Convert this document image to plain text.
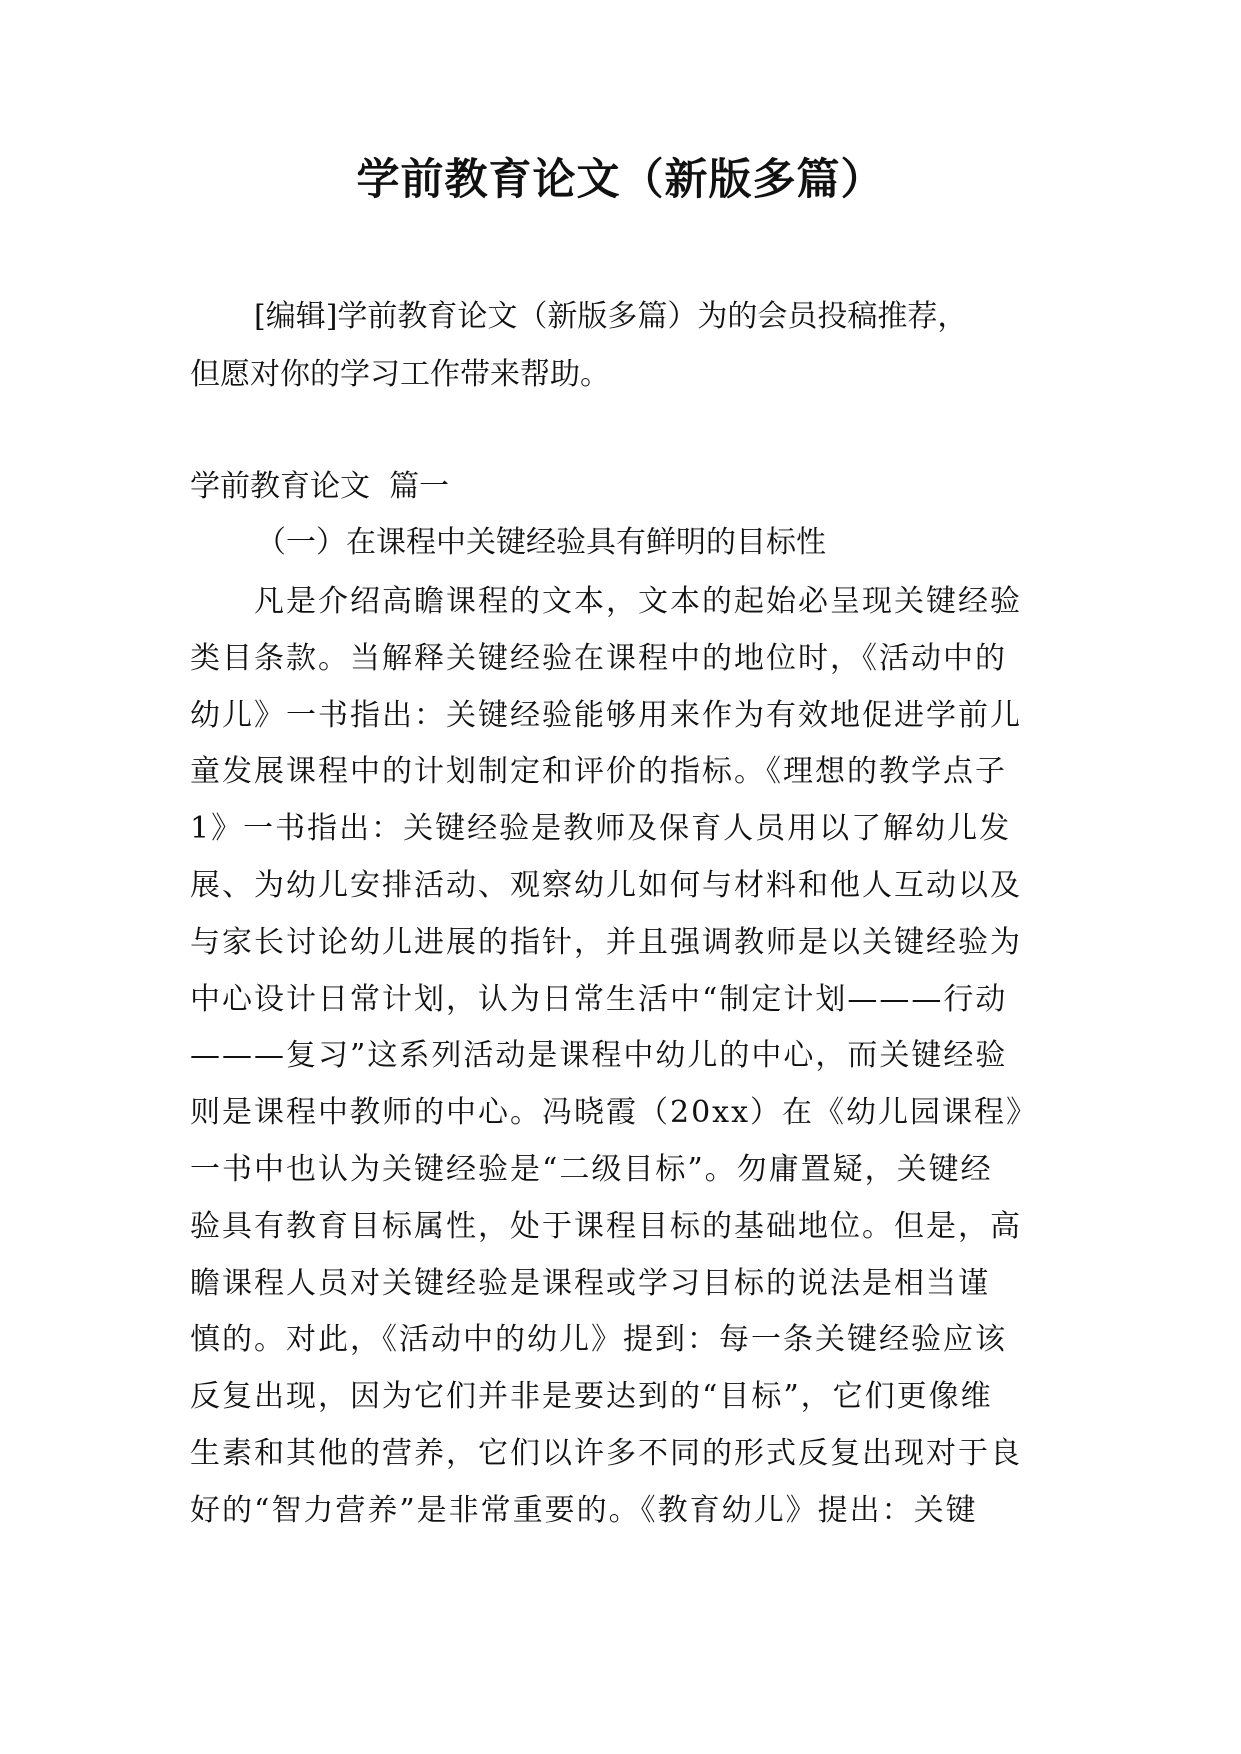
学前教育论文（新版多篇）

[编辑]学前教育论文（新版多篇）为的会员投稿推荐，
但愿对你的学习工作带来帮助。

学前教育论文  篇一
（一）在课程中关键经验具有鲜明的目标性

凡是介绍高瞻课程的文本，文本的起始必呈现关键经验
类目条款。当解释关键经验在课程中的地位时，《活动中的
幼儿》一书指出：关键经验能够用来作为有效地促进学前儿
童发展课程中的计划制定和评价的指标。《理想的教学点子
1》一书指出：关键经验是教师及保育人员用以了解幼儿发
展、为幼儿安排活动、观察幼儿如何与材料和他人互动以及
与家长讨论幼儿进展的指针，并且强调教师是以关键经验为
中心设计日常计划，认为日常生活中“制定计划———行动
———复习”这系列活动是课程中幼儿的中心，而关键经验
则是课程中教师的中心。冯晓霞（20xx）在《幼儿园课程》
一书中也认为关键经验是“二级目标”。勿庸置疑，关键经
验具有教育目标属性，处于课程目标的基础地位。但是，高
瞻课程人员对关键经验是课程或学习目标的说法是相当谨
慎的。对此，《活动中的幼儿》提到：每一条关键经验应该
反复出现，因为它们并非是要达到的“目标”，它们更像维
生素和其他的营养，它们以许多不同的形式反复出现对于良
好的“智力营养”是非常重要的。《教育幼儿》提出：关键
